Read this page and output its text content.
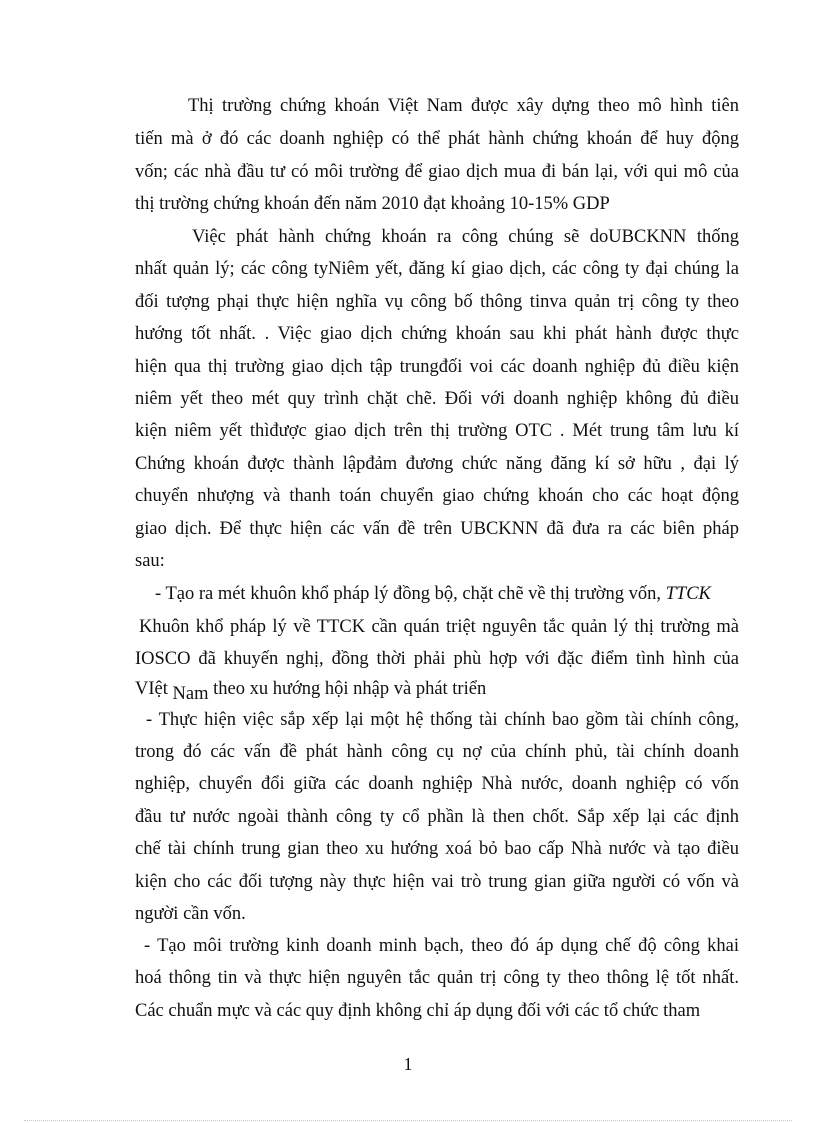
Thị trường chứng khoán Việt Nam được xây dựng theo mô hình tiên
tiến mà ở đó các doanh nghiệp có thể phát hành chứng khoán để huy động
vốn; các nhà đầu tư có môi trường để giao dịch mua đi bán lại, với qui mô của
thị trường chứng khoán đến năm 2010 đạt khoảng 10-15% GDP
Việc phát hành chứng khoán ra công chúng sẽ doUBCKNN thống
nhất quản lý; các công tyNiêm yết, đăng kí giao dịch, các công ty đại chúng la
đối tượng phại thực hiện nghĩa vụ công bố thông tinva quản trị công ty theo
hướng tốt nhất. . Việc giao dịch chứng khoán sau khi phát hành được thực
hiện qua thị trường giao dịch tập trungđối voi các doanh nghiệp đủ điều kiện
niêm yết theo mét quy trình chặt chẽ. Đối với doanh nghiệp không đủ điều
kiện niêm yết thìđược giao dịch trên thị trường OTC . Mét trung tâm lưu kí
Chứng khoán được thành lậpđảm đương chức năng đăng kí sở hữu , đại lý
chuyển nhượng và thanh toán chuyển giao chứng khoán cho các hoạt động
giao dịch. Để thực hiện các vấn đề trên UBCKNN đã đưa ra các biên pháp
sau:
- Tạo ra mét khuôn khổ pháp lý đồng bộ, chặt chẽ về thị trường vốn, TTCK
Khuôn khổ pháp lý về TTCK cần quán triệt nguyên tắc quản lý thị trường mà
IOSCO đã khuyến nghị, đồng thời phải phù hợp với đặc điểm tình hình của
VIệt Nam theo xu hướng hội nhập và phát triển
- Thực hiện việc sắp xếp lại một hệ thống tài chính bao gồm tài chính công,
trong đó các vấn đề phát hành công cụ nợ của chính phủ, tài chính doanh
nghiệp, chuyển đổi giữa các doanh nghiệp Nhà nước, doanh nghiệp có vốn
đầu tư nước ngoài thành công ty cổ phần là then chốt. Sắp xếp lại các định
chế tài chính trung gian theo xu hướng xoá bỏ bao cấp Nhà nước và tạo điều
kiện cho các đối tượng này thực hiện vai trò trung gian giữa người có vốn và
người cần vốn.
- Tạo môi trường kinh doanh minh bạch, theo đó áp dụng chế độ công khai
hoá thông tin và thực hiện nguyên tắc quản trị công ty theo thông lệ tốt nhất.
Các chuẩn mực và các quy định không chỉ áp dụng đối với các tổ chức tham
1
